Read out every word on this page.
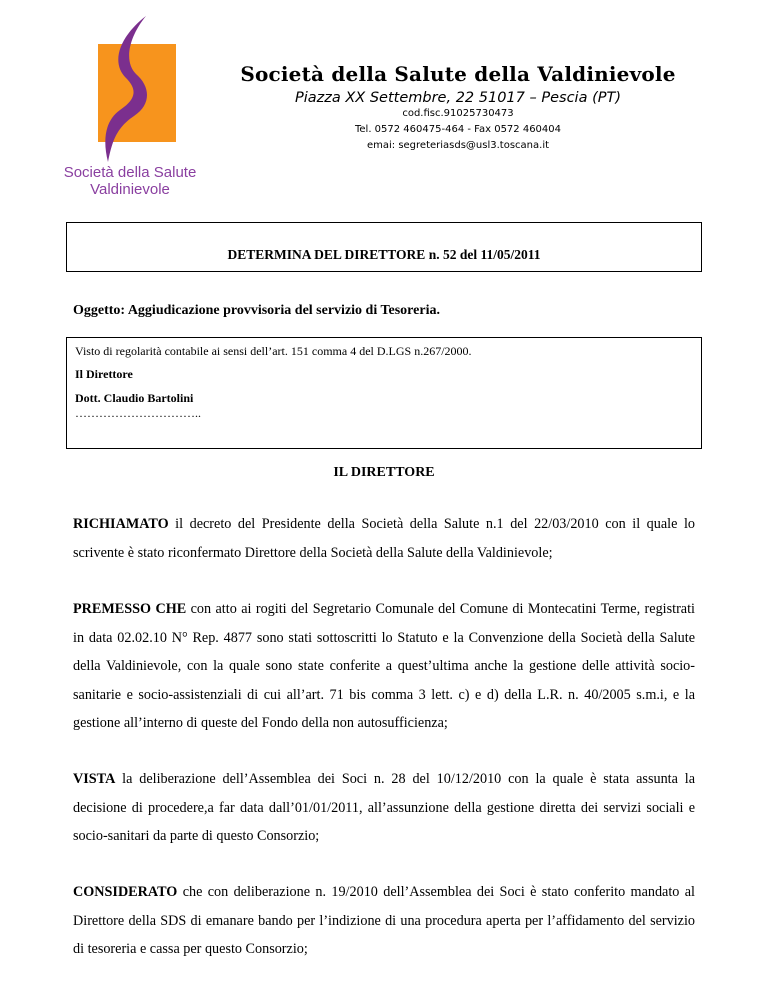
Società della Salute
Valdinievole
Società della Salute della Valdinievole
Piazza XX Settembre, 22 51017 – Pescia (PT)
cod.fisc.91025730473
Tel. 0572 460475-464 - Fax 0572 460404
emai: segreteriasds@usl3.toscana.it
DETERMINA DEL DIRETTORE n. 52 del 11/05/2011
Oggetto: Aggiudicazione provvisoria del servizio di Tesoreria.
Visto di regolarità contabile ai sensi dell’art. 151 comma 4 del D.LGS n.267/2000.
Il Direttore
Dott. Claudio Bartolini
…………………………..
IL DIRETTORE
RICHIAMATO il decreto del Presidente della Società della Salute n.1 del 22/03/2010 con il quale lo scrivente è stato riconfermato Direttore della Società della Salute della Valdinievole;
PREMESSO CHE con atto ai rogiti del Segretario Comunale del Comune di Montecatini Terme, registrati in data 02.02.10 N° Rep. 4877 sono stati sottoscritti lo Statuto e la Convenzione della Società della Salute della Valdinievole, con la quale sono state conferite a quest’ultima anche la gestione delle attività socio-sanitarie e socio-assistenziali di cui all’art. 71 bis comma 3 lett. c) e d) della L.R. n. 40/2005 s.m.i, e la gestione all’interno di queste del Fondo della non autosufficienza;
VISTA la deliberazione dell’Assemblea dei Soci n. 28 del 10/12/2010 con la quale è stata assunta la decisione di procedere,a far data dall’01/01/2011, all’assunzione della gestione diretta dei servizi sociali e socio-sanitari da parte di questo Consorzio;
CONSIDERATO che con deliberazione n. 19/2010 dell’Assemblea dei Soci è stato conferito mandato al Direttore della SDS di emanare bando per l’indizione di una procedura aperta per l’affidamento del servizio di tesoreria e cassa per questo Consorzio;
